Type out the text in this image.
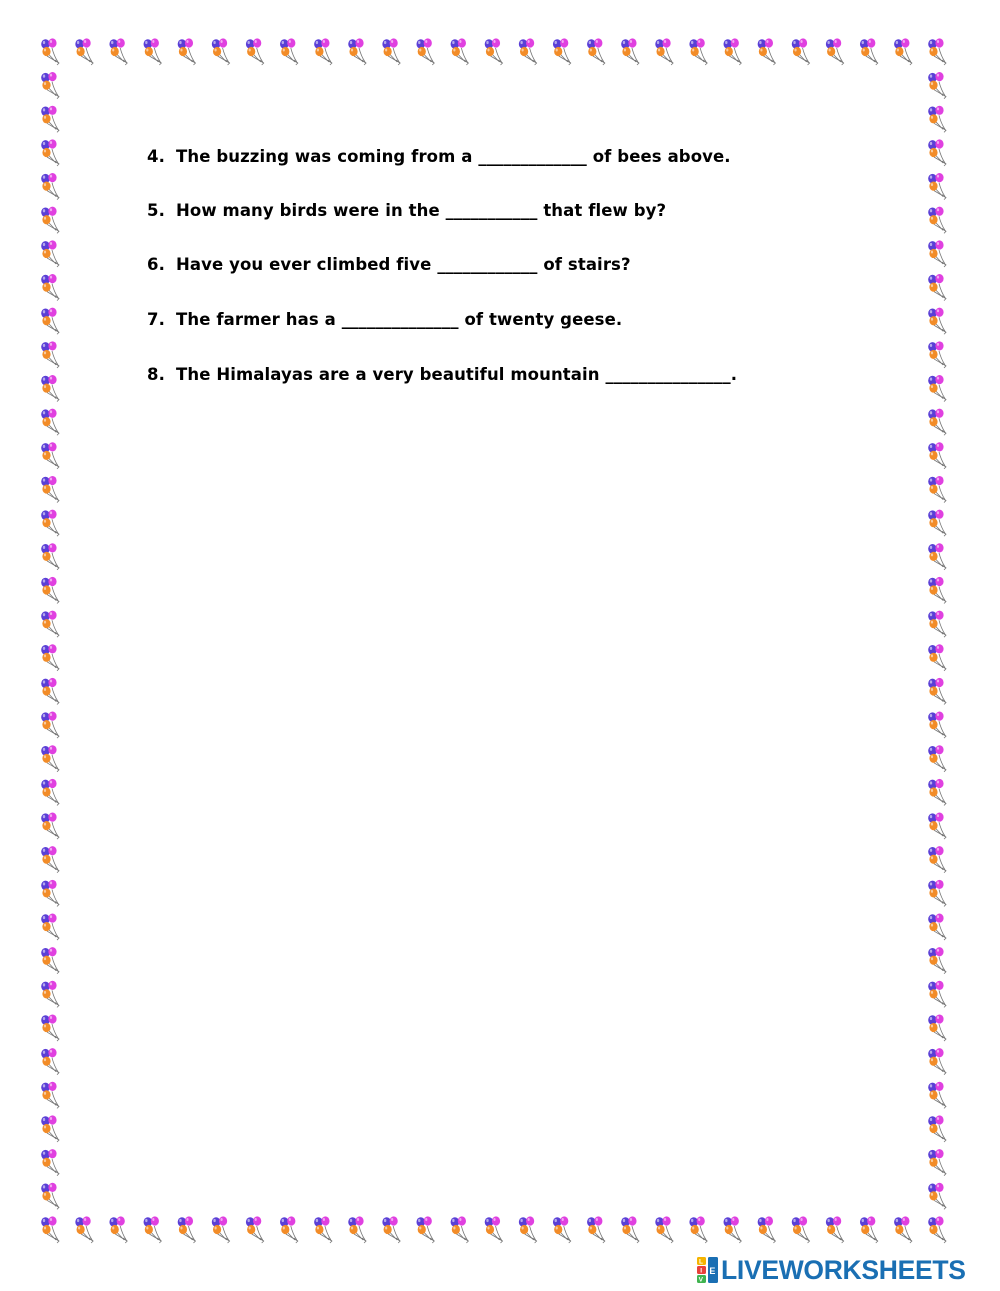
4. The buzzing was coming from a _____________ of bees above.
5. How many birds were in the ___________ that flew by?
6. Have you ever climbed five ____________ of stairs?
7. The farmer has a ______________ of twenty geese.
8. The Himalayas are a very beautiful mountain _______________.
L
I
V
E LIVEWORKSHEETS
